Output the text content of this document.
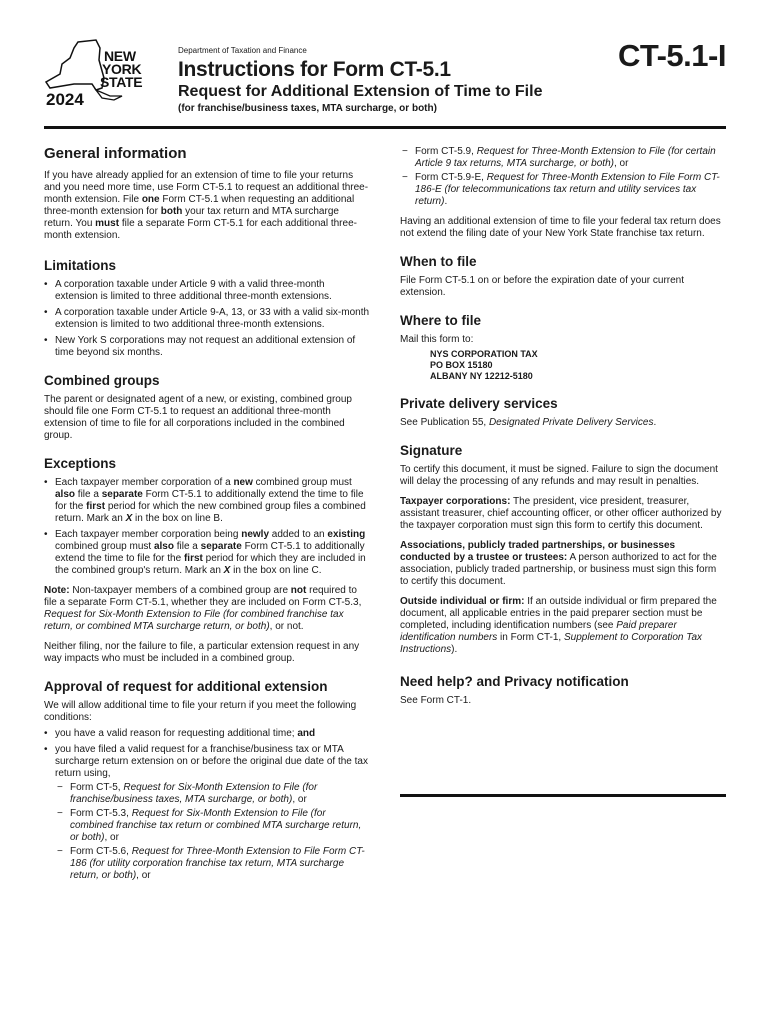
NEW
YORK
STATE
2024
Department of Taxation and Finance
Instructions for Form CT-5.1	CT-5.1-I
Request for Additional Extension of Time to File
(for franchise/business taxes, MTA surcharge, or both)
General information

If you have already applied for an extension of time to file your returns and you need more time, use Form CT-5.1 to request an additional three-month extension. File one Form CT-5.1 when requesting an additional three-month extension for both your tax return and MTA surcharge return. You must file a separate Form CT-5.1 for each additional three-month extension.

Limitations
• A corporation taxable under Article 9 with a valid three-month extension is limited to three additional three-month extensions.
• A corporation taxable under Article 9-A, 13, or 33 with a valid six-month extension is limited to two additional three-month extensions.
• New York S corporations may not request an additional extension of time beyond six months.
Combined groups

The parent or designated agent of a new, or existing, combined group should file one Form CT-5.1 to request an additional three-month extension of time to file for all corporations included in the combined group.

Exceptions
• Each taxpayer member corporation of a new combined group must also file a separate Form CT-5.1 to additionally extend the time to file for the first period for which the new combined group files a combined return. Mark an X in the box on line B.
• Each taxpayer member corporation being newly added to an existing combined group must also file a separate Form CT-5.1 to additionally extend the time to file for the first period for which they are included in the combined group's return. Mark an X in the box on line C.

Note: Non-taxpayer members of a combined group are not required to file a separate Form CT-5.1, whether they are included on Form CT-5.3, Request for Six-Month Extension to File (for combined franchise tax return, or combined MTA surcharge return, or both), or not.

Neither filing, nor the failure to file, a particular extension request in any way impacts who must be included in a combined group.

Approval of request for additional extension

We will allow additional time to file your return if you meet the following conditions:

• you have a valid reason for requesting additional time; and
• you have filed a valid request for a franchise/business tax or MTA surcharge return extension on or before the original due date of the tax return using,
− Form CT-5, Request for Six-Month Extension to File (for franchise/business taxes, MTA surcharge, or both), or
− Form CT-5.3, Request for Six-Month Extension to File (for combined franchise tax return or combined MTA surcharge return, or both), or
− Form CT-5.6, Request for Three-Month Extension to File Form CT-186 (for utility corporation franchise tax return, MTA surcharge return, or both), or
− Form CT-5.9, Request for Three-Month Extension to File (for certain Article 9 tax returns, MTA surcharge, or both), or
− Form CT-5.9-E, Request for Three-Month Extension to File Form CT-186-E (for telecommunications tax return and utility services tax return).

Having an additional extension of time to file your federal tax return does not extend the filing date of your New York State franchise tax return.

When to file

File Form CT-5.1 on or before the expiration date of your current extension.

Where to file

Mail this form to:

NYS CORPORATION TAX
PO BOX 15180
ALBANY NY 12212-5180
Private delivery services

See Publication 55, Designated Private Delivery Services.

Signature

To certify this document, it must be signed. Failure to sign the document will delay the processing of any refunds and may result in penalties.

Taxpayer corporations: The president, vice president, treasurer, assistant treasurer, chief accounting officer, or other officer authorized by the taxpayer corporation must sign this form to certify this document.

Associations, publicly traded partnerships, or businesses conducted by a trustee or trustees: A person authorized to act for the association, publicly traded partnership, or business must sign this form to certify this document.

Outside individual or firm: If an outside individual or firm prepared the document, all applicable entries in the paid preparer section must be completed, including identification numbers (see Paid preparer identification numbers in Form CT-1, Supplement to Corporation Tax Instructions).

Need help? and Privacy notification

See Form CT-1.
